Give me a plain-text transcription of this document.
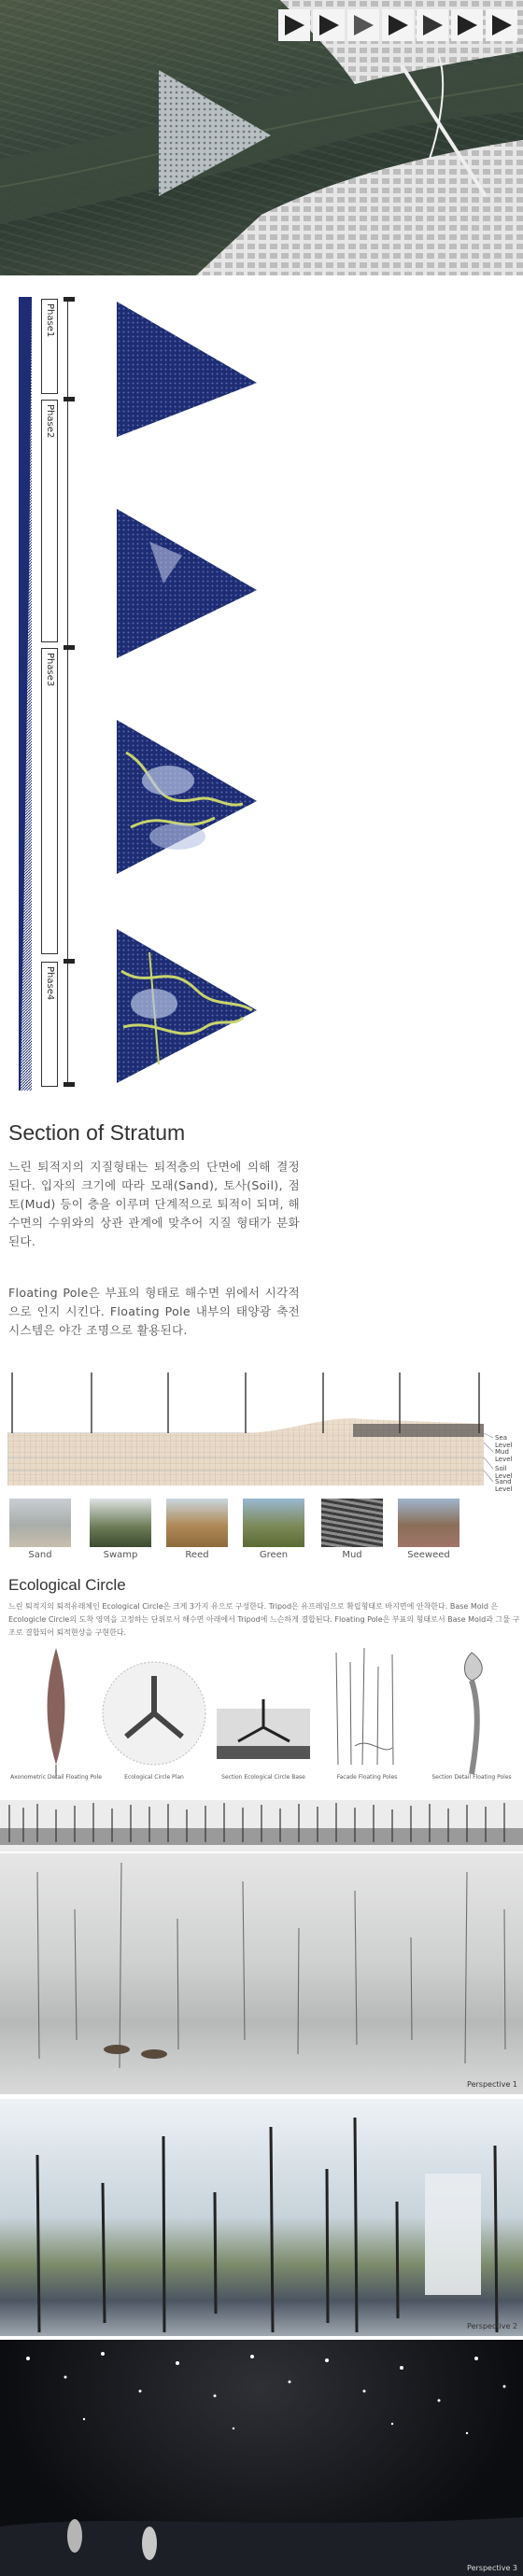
Phase1
Phase2
Phase3
Phase4
Section of Stratum
느린 퇴적지의 지질형태는 퇴적층의 단면에 의해 결정된다. 입자의 크기에 따라 모래(Sand), 토사(Soil), 점토(Mud) 등이 층을 이루며 단계적으로 퇴적이 되며, 해수면의 수위와의 상관 관계에 맞추어 지질 형태가 분화된다.
Floating Pole은 부표의 형태로 해수면 위에서 시각적으로 인지 시킨다. Floating Pole 내부의 태양광 축전시스템은 야간 조명으로 활용된다.
Sea Level
Mud Level
Soil Level
Sand Level
Sand	Swamp	Reed	Green	Mud	Seeweed
Ecological Circle
느린 퇴적지의 퇴적유래체인 Ecological Circle은 크게 3가지 유으로 구성한다. Tripod은 유프레임으로 확립형태로 바지면에 안착한다. Base Mold 은 Ecologicle Circle의 도착 영역을 고정하는 단위로서 해수면 아래에서 Tripod에 느슨하게 결합된다. Floating Pole은 부표의 형태로서 Base Mold과 그물 구조로 결합되어 퇴적현상을 구현한다.
Axonometric Detail Floating Pole	Ecological Circle Plan	Section Ecological Circle Base	Facade Floating Poles	Section Detail Floating Poles
Perspective 1
Perspective 2
Perspective 3
